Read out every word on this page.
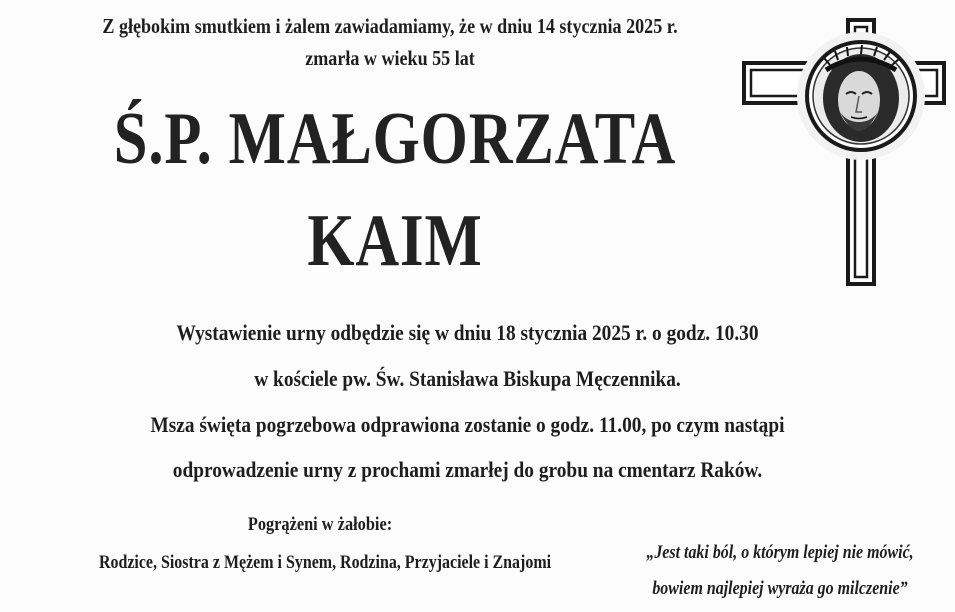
Z głębokim smutkiem i żalem zawiadamiamy, że w dniu 14 stycznia 2025 r.
zmarła w wieku 55 lat
Ś.P. MAŁGORZATA
KAIM
Wystawienie urny odbędzie się w dniu 18 stycznia 2025 r. o godz. 10.30
w kościele pw. Św. Stanisława Biskupa Męczennika.
Msza święta pogrzebowa odprawiona zostanie o godz. 11.00, po czym nastąpi
odprowadzenie urny z prochami zmarłej do grobu na cmentarz Raków.
Pogrążeni w żałobie:
Rodzice, Siostra z Mężem i Synem, Rodzina, Przyjaciele i Znajomi	„Jest taki ból, o którym lepiej nie mówić,
bowiem najlepiej wyraża go milczenie”
